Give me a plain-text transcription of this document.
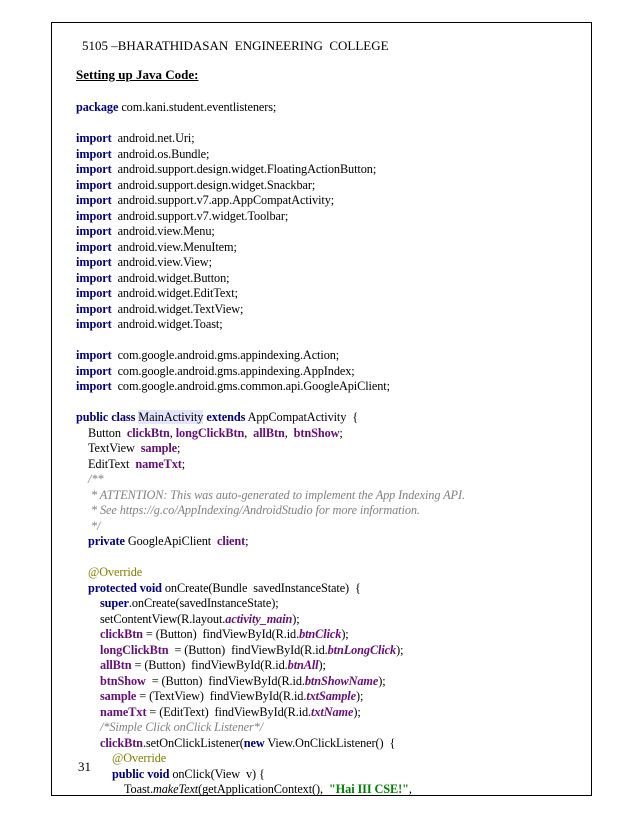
5105 –BHARATHIDASAN  ENGINEERING  COLLEGE
Setting up Java Code:
package com.kani.student.eventlisteners;
import android.net.Uri;
import android.os.Bundle;
import android.support.design.widget.FloatingActionButton;
import android.support.design.widget.Snackbar;
import android.support.v7.app.AppCompatActivity;
import android.support.v7.widget.Toolbar;
import android.view.Menu;
import android.view.MenuItem;
import android.view.View;
import android.widget.Button;
import android.widget.EditText;
import android.widget.TextView;
import android.widget.Toast;
import com.google.android.gms.appindexing.Action;
import com.google.android.gms.appindexing.AppIndex;
import com.google.android.gms.common.api.GoogleApiClient;
public class MainActivity extends AppCompatActivity  {
Button clickBtn, longClickBtn,  allBtn,  btnShow;
TextView sample;
EditText nameTxt;
/**
* ATTENTION: This was auto-generated to implement the App Indexing API.
* See https://g.co/AppIndexing/AndroidStudio for more information.
*/
private GoogleApiClient  client;
@Override
protected void onCreate(Bundle  savedInstanceState)  {
super.onCreate(savedInstanceState);
setContentView(R.layout.activity_main);
clickBtn = (Button)  findViewById(R.id.btnClick);
longClickBtn  = (Button)  findViewById(R.id.btnLongClick);
allBtn = (Button)  findViewById(R.id.btnAll);
btnShow  = (Button)  findViewById(R.id.btnShowName);
sample = (TextView)  findViewById(R.id.txtSample);
nameTxt = (EditText)  findViewById(R.id.txtName);
/*Simple Click onClick Listener*/
clickBtn.setOnClickListener(new View.OnClickListener()  {
@Override
public void onClick(View  v) {
Toast.makeText(getApplicationContext(),  "Hai III CSE!",
31
